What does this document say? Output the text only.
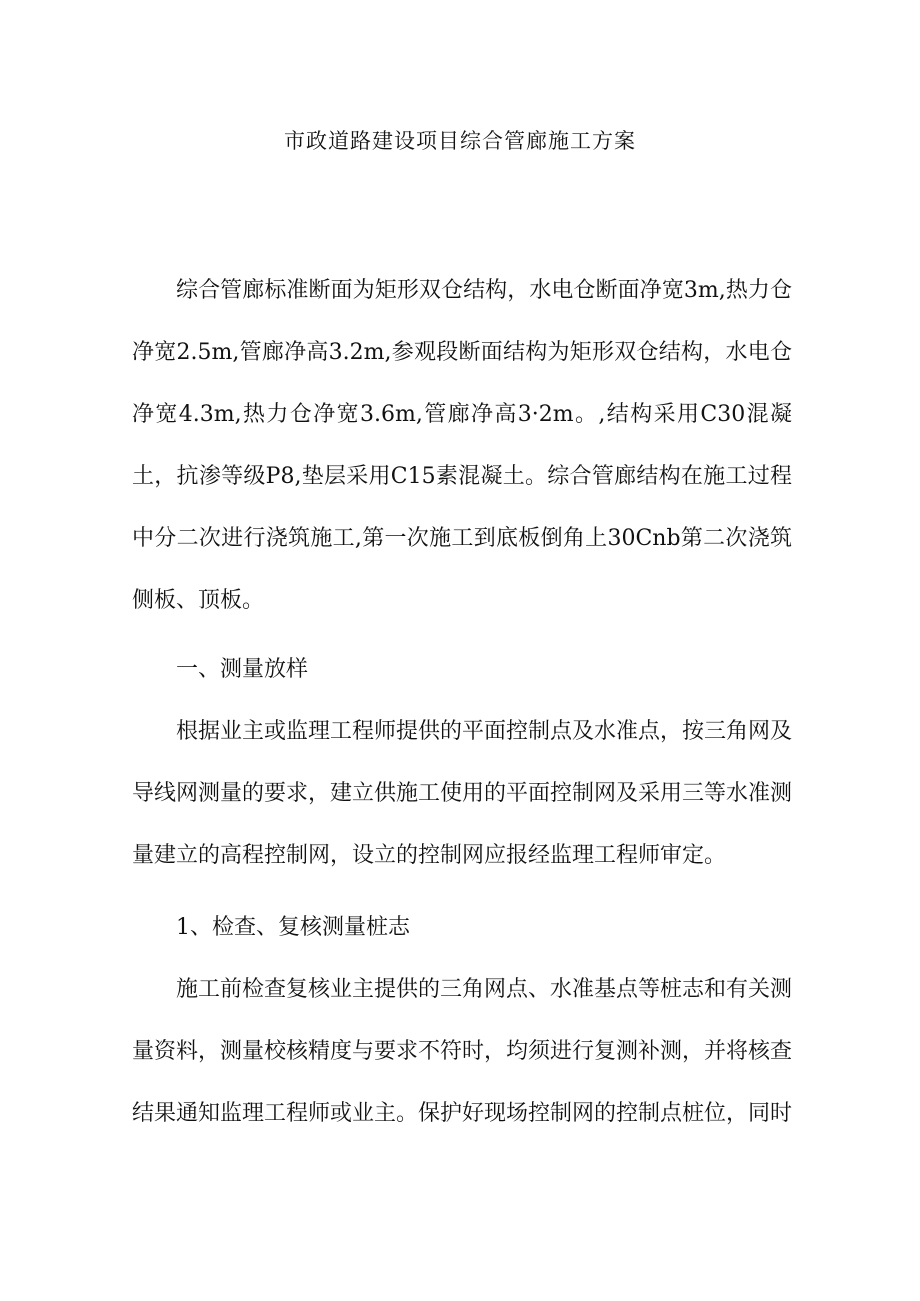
市政道路建设项目综合管廊施工方案

综合管廊标准断面为矩形双仓结构，水电仓断面净宽3m,热力仓净宽2.5m,管廊净高3.2m,参观段断面结构为矩形双仓结构，水电仓净宽4.3m,热力仓净宽3.6m,管廊净高3·2m。,结构采用C30混凝土，抗渗等级P8,垫层采用C15素混凝土。综合管廊结构在施工过程中分二次进行浇筑施工,第一次施工到底板倒角上30Cnb第二次浇筑侧板、顶板。

一、测量放样

根据业主或监理工程师提供的平面控制点及水准点，按三角网及导线网测量的要求，建立供施工使用的平面控制网及采用三等水准测量建立的高程控制网，设立的控制网应报经监理工程师审定。

1、检查、复核测量桩志

施工前检查复核业主提供的三角网点、水准基点等桩志和有关测量资料，测量校核精度与要求不符时，均须进行复测补测，并将核查结果通知监理工程师或业主。保护好现场控制网的控制点桩位，同时
